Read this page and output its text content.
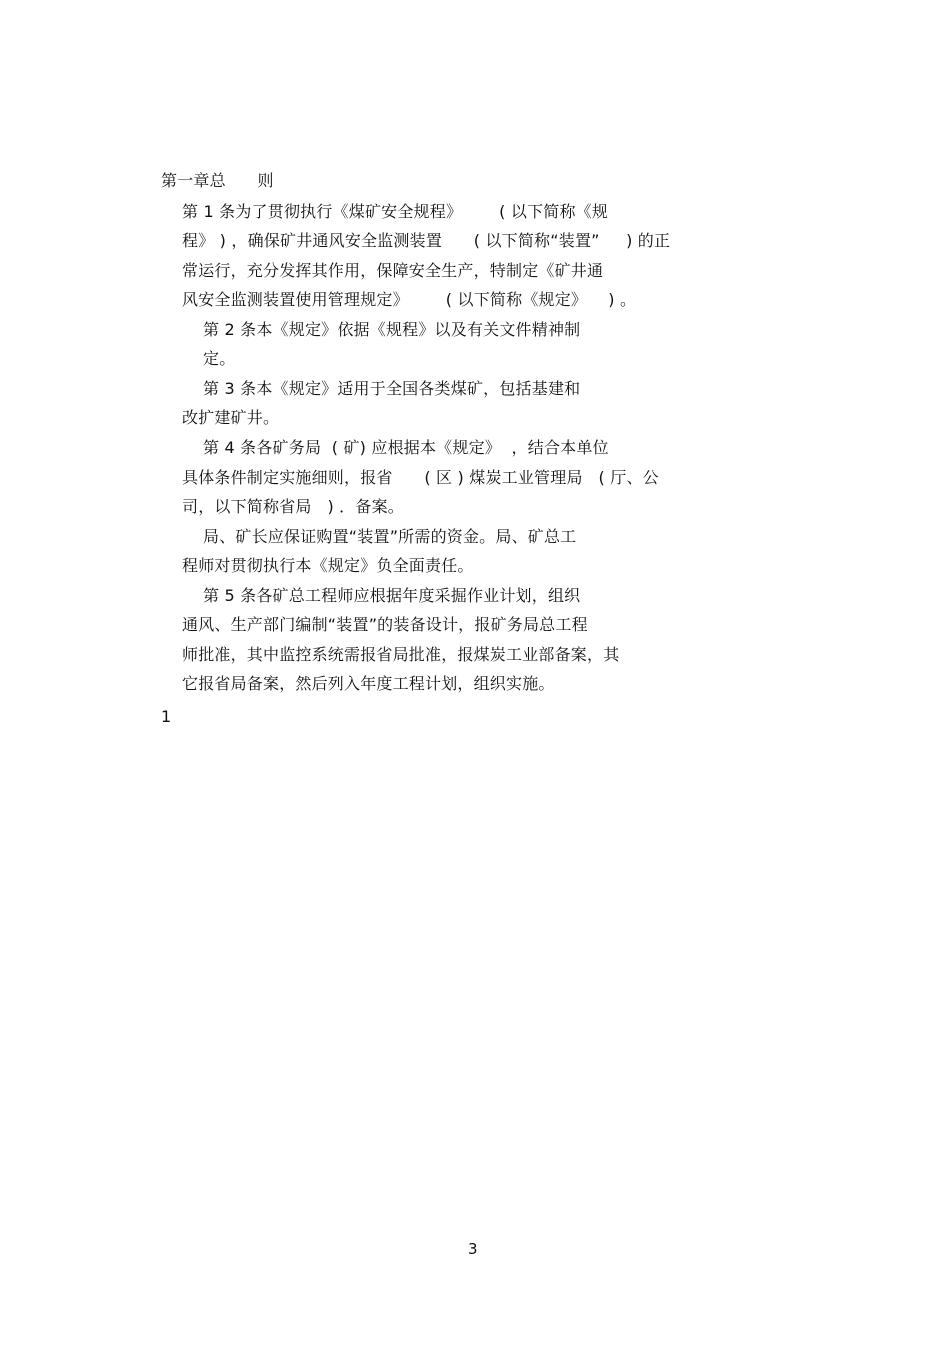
第一章总      则
第 1 条为了贯彻执行《煤矿安全规程》       ( 以下简称《规
程》 ) ，确保矿井通风安全监测装置      ( 以下简称“装置”     ) 的正
常运行，充分发挥其作用，保障安全生产，特制定《矿井通
风安全监测装置使用管理规定》       ( 以下简称《规定》    ) 。
第 2 条本《规定》依据《规程》以及有关文件精神制
定。
第 3 条本《规定》适用于全国各类煤矿，包括基建和
改扩建矿井。
第 4 条各矿务局  ( 矿) 应根据本《规定》  ，结合本单位
具体条件制定实施细则，报省      ( 区 ) 煤炭工业管理局   ( 厅、公
司，以下简称省局   ) ．备案。
局、矿长应保证购置“装置”所需的资金。局、矿总工
程师对贯彻执行本《规定》负全面责任。
第 5 条各矿总工程师应根据年度采掘作业计划，组织
通风、生产部门编制“装置”的装备设计，报矿务局总工程
师批准，其中监控系统需报省局批准，报煤炭工业部备案，其
它报省局备案，然后列入年度工程计划，组织实施。
1
3
